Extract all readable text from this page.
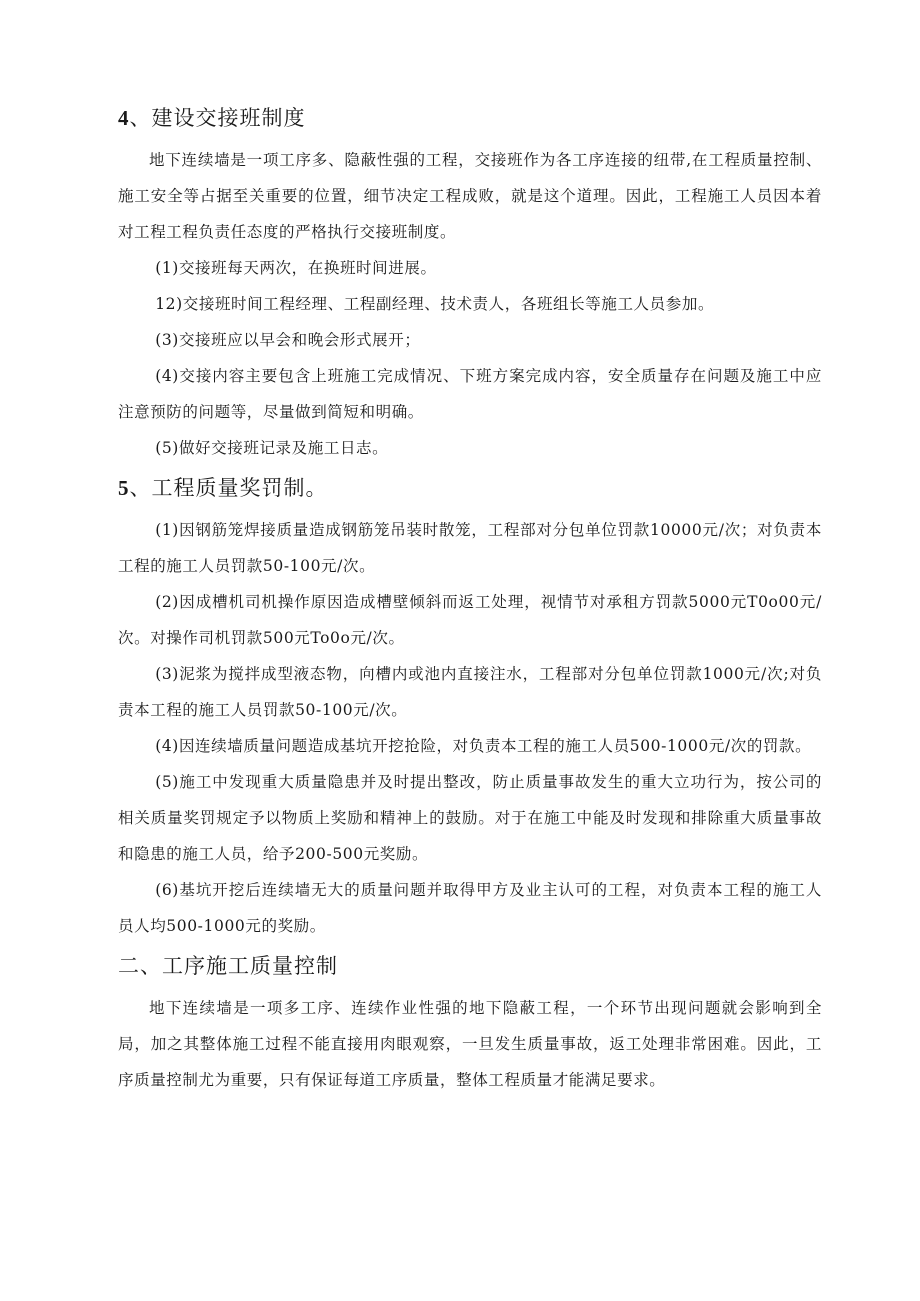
4、建设交接班制度

地下连续墙是一项工序多、隐蔽性强的工程，交接班作为各工序连接的纽带,在工程质量控制、施工安全等占据至关重要的位置，细节决定工程成败，就是这个道理。因此，工程施工人员因本着对工程工程负责任态度的严格执行交接班制度。

(1)交接班每天两次，在换班时间进展。

12)交接班时间工程经理、工程副经理、技术责人，各班组长等施工人员参加。

(3)交接班应以早会和晚会形式展开；

(4)交接内容主要包含上班施工完成情况、下班方案完成内容，安全质量存在问题及施工中应注意预防的问题等，尽量做到简短和明确。

(5)做好交接班记录及施工日志。

5、工程质量奖罚制。

(1)因钢筋笼焊接质量造成钢筋笼吊装时散笼，工程部对分包单位罚款10000元/次；对负责本工程的施工人员罚款50-100元/次。

(2)因成槽机司机操作原因造成槽壁倾斜而返工处理，视情节对承租方罚款5000元T0o00元/次。对操作司机罚款500元To0o元/次。

(3)泥浆为搅拌成型液态物，向槽内或池内直接注水，工程部对分包单位罚款1000元/次;对负责本工程的施工人员罚款50-100元/次。

(4)因连续墙质量问题造成基坑开挖抢险，对负责本工程的施工人员500-1000元/次的罚款。

(5)施工中发现重大质量隐患并及时提出整改，防止质量事故发生的重大立功行为，按公司的相关质量奖罚规定予以物质上奖励和精神上的鼓励。对于在施工中能及时发现和排除重大质量事故和隐患的施工人员，给予200-500元奖励。

(6)基坑开挖后连续墙无大的质量问题并取得甲方及业主认可的工程，对负责本工程的施工人员人均500-1000元的奖励。

二、工序施工质量控制

地下连续墙是一项多工序、连续作业性强的地下隐蔽工程，一个环节出现问题就会影响到全局，加之其整体施工过程不能直接用肉眼观察，一旦发生质量事故，返工处理非常困难。因此，工序质量控制尤为重要，只有保证每道工序质量，整体工程质量才能满足要求。
